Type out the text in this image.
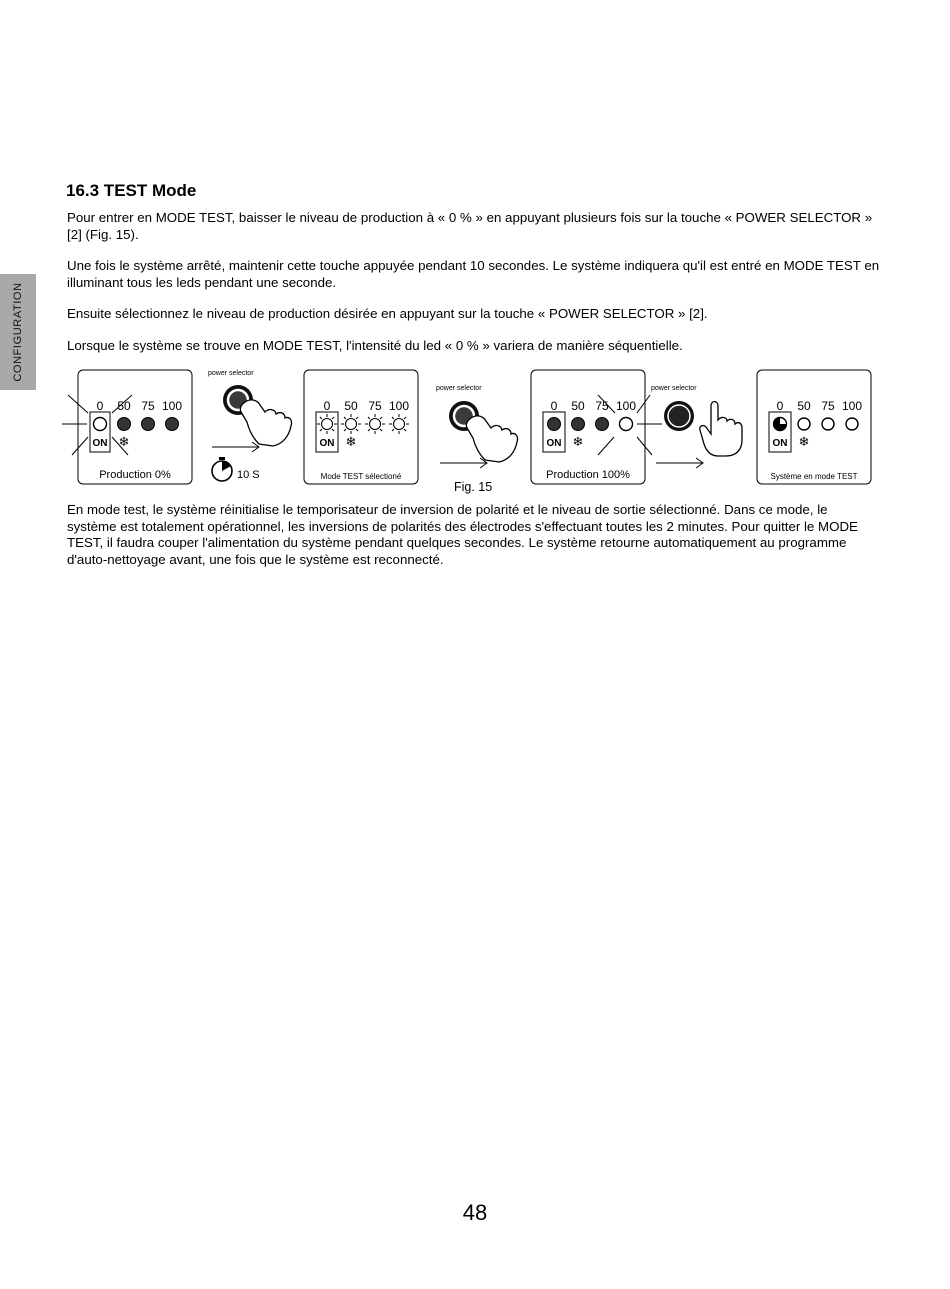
CONFIGURATION
16.3 TEST Mode

Pour entrer en MODE TEST, baisser le niveau de production à « 0 % » en appuyant plusieurs fois sur la touche « POWER SELECTOR » [2] (Fig. 15).

Une fois le système arrêté, maintenir cette touche appuyée pendant 10 secondes. Le système indiquera qu'il est entré en MODE TEST en illuminant tous les leds pendant une seconde.

Ensuite sélectionnez le niveau de production désirée en appuyant sur la touche « POWER SELECTOR » [2].

Lorsque le système se trouve en MODE TEST, l'intensité du led « 0 % » variera de manière séquentielle.

0 50 75 100
ON ❄
Production 0%
power selector
10 S
0 50 75 100
ON ❄
Mode TEST sélectioné
power selector
0 50 75 100
ON ❄
Production 100%
power selector
0 50 75 100
ON ❄
Système en mode TEST
Fig. 15

En mode test, le système réinitialise le temporisateur de inversion de polarité et le niveau de sortie sélectionné. Dans ce mode, le système est totalement opérationnel, les inversions de polarités des électrodes s'effectuant toutes les 2 minutes. Pour quitter le MODE TEST, il faudra couper l'alimentation du système pendant quelques secondes. Le système retourne automatiquement au programme d'auto-nettoyage avant, une fois que le système est reconnecté.

48
